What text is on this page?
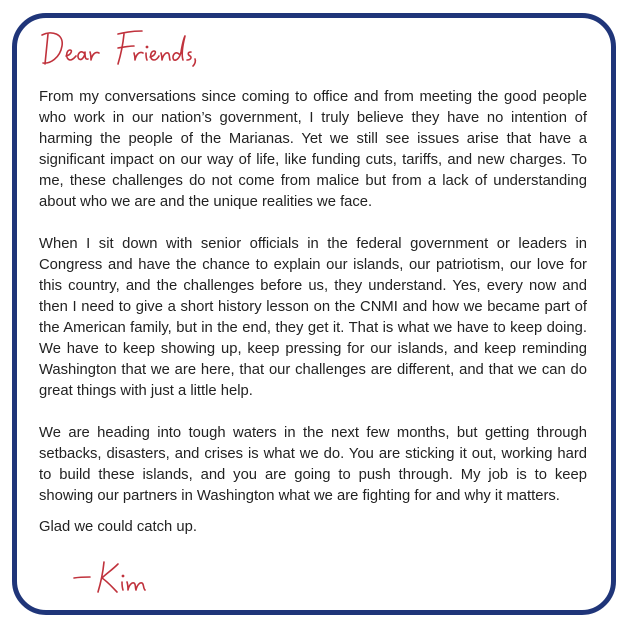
From my conversations since coming to office and from meeting the good people who work in our nation’s government, I truly believe they have no intention of harming the people of the Marianas. Yet we still see issues arise that have a significant impact on our way of life, like funding cuts, tariffs, and new charges. To me, these challenges do not come from malice but from a lack of understanding about who we are and the unique realities we face.

When I sit down with senior officials in the federal government or leaders in Congress and have the chance to explain our islands, our patriotism, our love for this country, and the challenges before us, they understand. Yes, every now and then I need to give a short history lesson on the CNMI and how we became part of the American family, but in the end, they get it. That is what we have to keep doing. We have to keep showing up, keep pressing for our islands, and keep reminding Washington that we are here, that our challenges are different, and that we can do great things with just a little help.

We are heading into tough waters in the next few months, but getting through setbacks, disasters, and crises is what we do. You are sticking it out, working hard to build these islands, and you are going to push through. My job is to keep showing our partners in Washington what we are fighting for and why it matters.

Glad we could catch up.
